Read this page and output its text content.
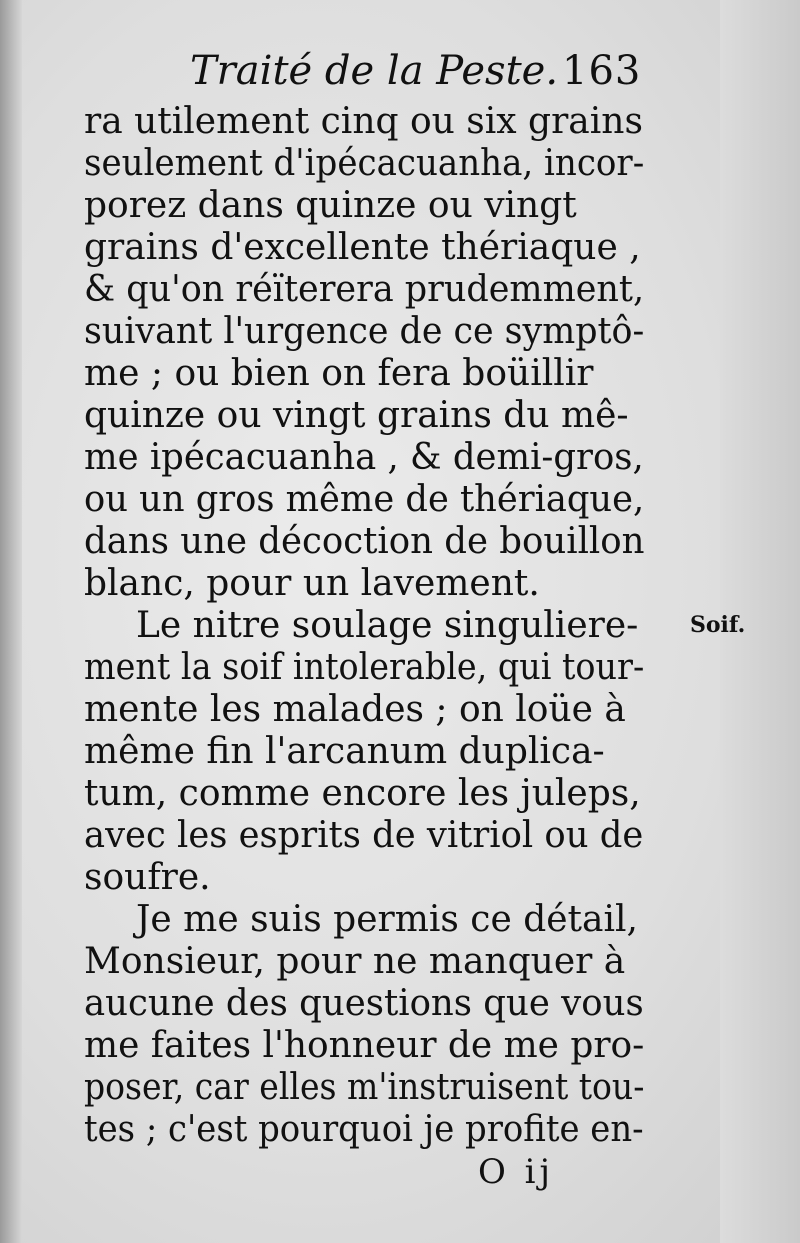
Traité de la Peste. 163
ra utilement cinq ou six grains
seulement d'ipécacuanha, incor-
porez dans quinze ou vingt
grains d'excellente thériaque ,
& qu'on réïterera prudemment,
suivant l'urgence de ce symptô-
me ; ou bien on fera boüillir
quinze ou vingt grains du mê-
me ipécacuanha , & demi-gros,
ou un gros même de thériaque,
dans une décoction de bouillon
blanc, pour un lavement.
Le nitre soulage singuliere-
ment la soif intolerable, qui tour-
mente les malades ; on loüe à
même fin l'arcanum duplica-
tum, comme encore les juleps,
avec les esprits de vitriol ou de
soufre.
Je me suis permis ce détail,
Monsieur, pour ne manquer à
aucune des questions que vous
me faites l'honneur de me pro-
poser, car elles m'instruisent tou-
tes ; c'est pourquoi je profite en-
Soif.
O ij
